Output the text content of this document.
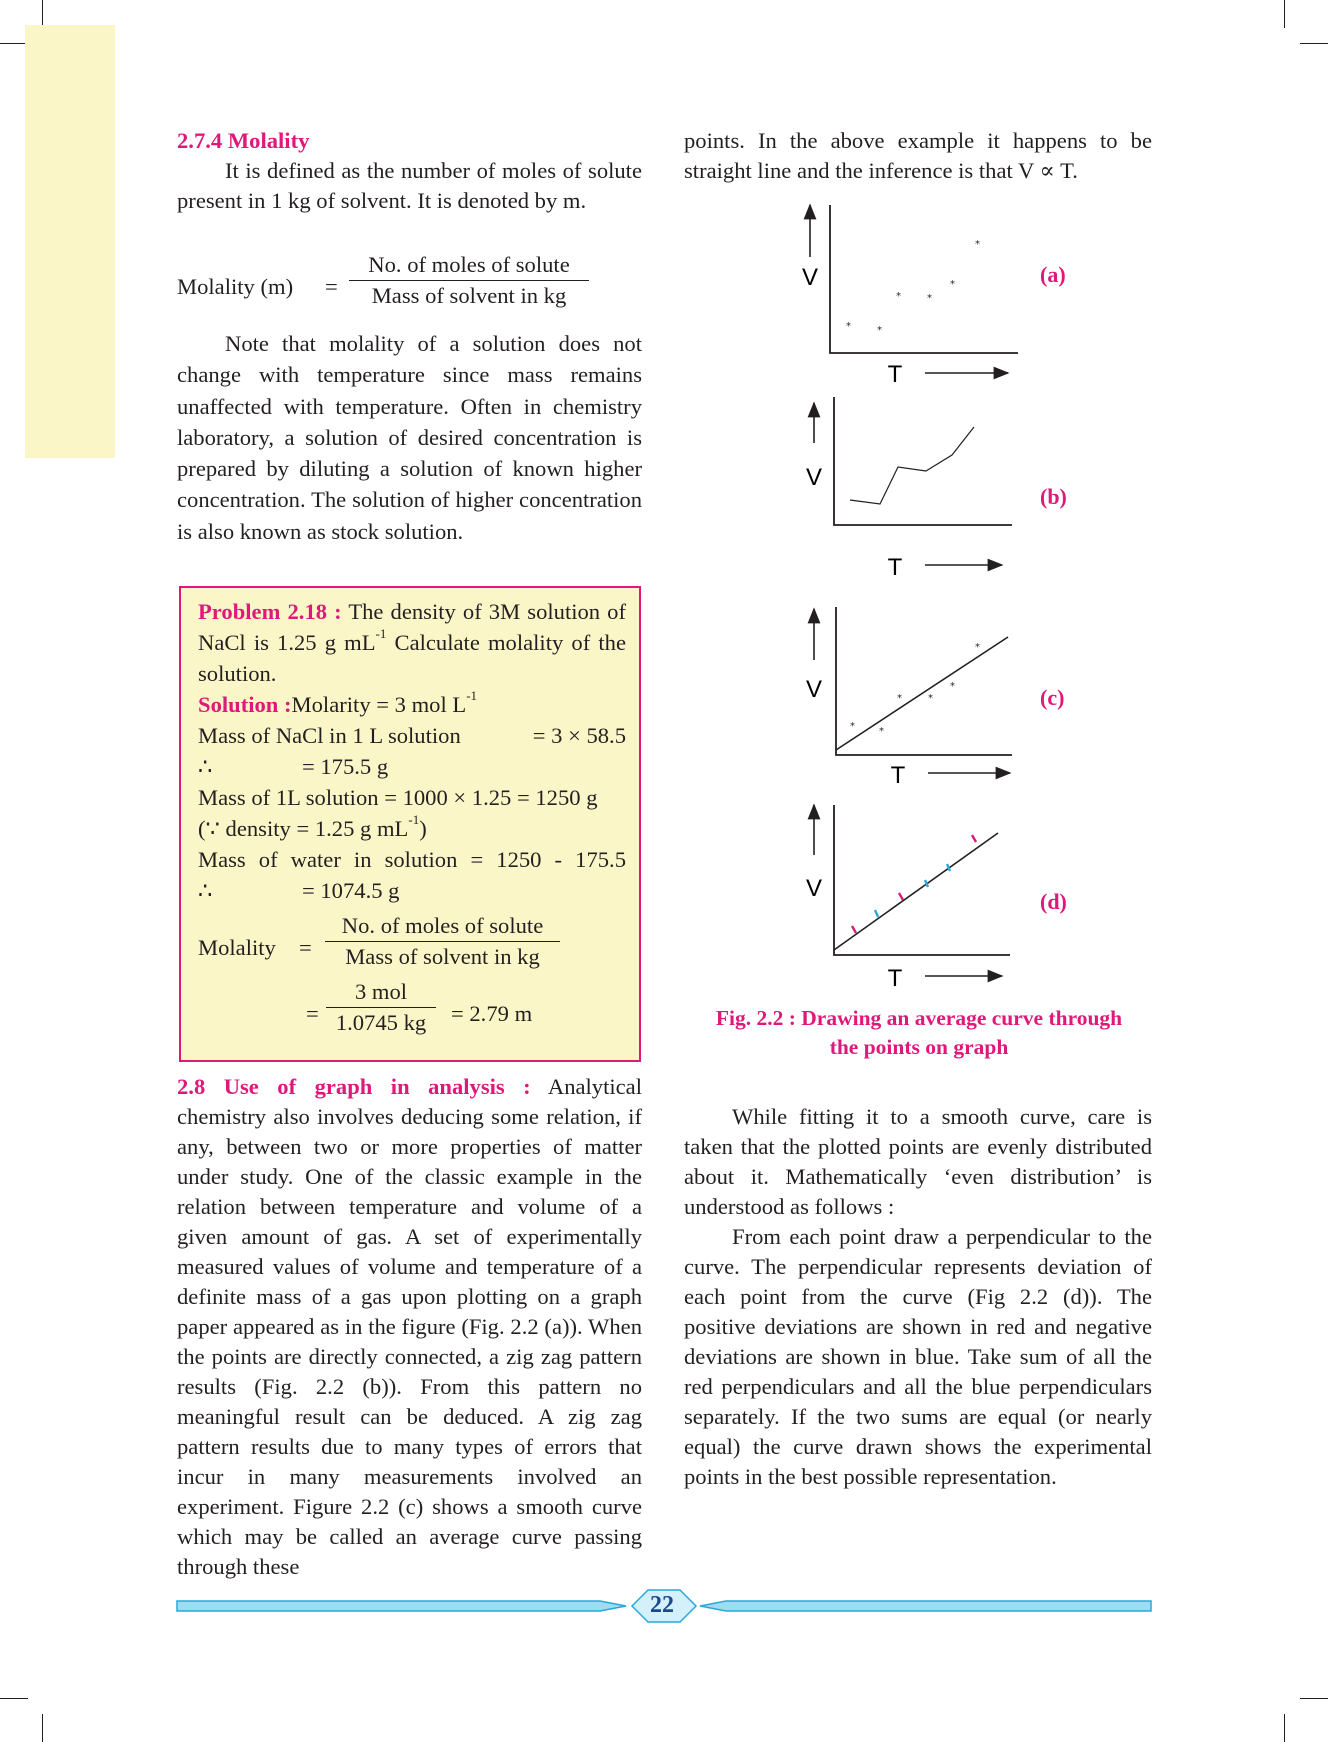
2.7.4 Molality

It is defined as the number of moles of solute present in 1 kg of solvent. It is denoted by m.

Molality (m) =
No. of moles of solute
Mass of solvent in kg

Note that molality of a solution does not change with temperature since mass remains unaffected with temperature. Often in chemistry laboratory, a solution of desired concentration is prepared by diluting a solution of known higher concentration. The solution of higher concentration is also known as stock solution.

Problem 2.18 : The density of 3M solution of NaCl is 1.25 g $mL^{-1}$ Calculate molality of the solution.
Solution :Molarity = 3 mol $L^{-1}$
Mass of NaCl in 1 L solution	= 3 × 58.5
∴	= 175.5 g
Mass of 1L solution = 1000 × 1.25 = 1250 g
(∵ density = 1.25 g $mL^{-1}$)
Mass of water in solution = 1250 - 175.5
∴	= 1074.5 g
Molality =
No. of moles of solute
Mass of solvent in kg
=
3 mol
1.0745 kg	= 2.79 m

2.8 Use of graph in analysis : Analytical chemistry also involves deducing some relation, if any, between two or more properties of matter under study. One of the classic example in the relation between temperature and volume of a given amount of gas. A set of experimentally measured values of volume and temperature of a definite mass of a gas upon plotting on a graph paper appeared as in the figure (Fig. 2.2 (a)). When the points are directly connected, a zig zag pattern results (Fig. 2.2 (b)). From this pattern no meaningful result can be deduced. A zig zag pattern results due to many types of errors that incur in many measurements involved an experiment. Figure 2.2 (c) shows a smooth curve which may be called an average curve passing through these

points. In the above example it happens to be straight line and the inference is that V ∝ T.

V
T
*	*
*	*
*
*
V
T
V
T
* *
*	*
*
*
V
T
(a)
(b)
(c)
(d)
Fig. 2.2 : Drawing an average curve through
the points on graph

While fitting it to a smooth curve, care is taken that the plotted points are evenly distributed about it. Mathematically ‘even distribution’ is understood as follows :

From each point draw a perpendicular to the curve. The perpendicular represents deviation of each point from the curve (Fig 2.2 (d)). The positive deviations are shown in red and negative deviations are shown in blue. Take sum of all the red perpendiculars and all the blue perpendiculars separately. If the two sums are equal (or nearly equal) the curve drawn shows the experimental points in the best possible representation.

22
